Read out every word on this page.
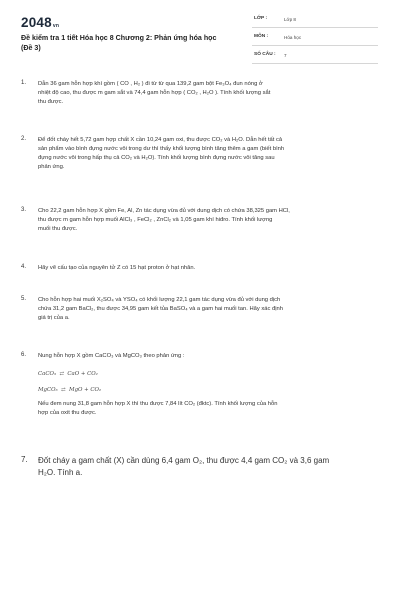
2048vn
Đề kiểm tra 1 tiết Hóa học 8 Chương 2: Phản ứng hóa học
(Đề 3)
LỚP :	Lớp 8
MÔN :	Hóa học
SỐ CÂU : 7
1. Dẫn 36 gam hỗn hợp khí gồm ( CO , H₂ ) đi từ từ qua 139,2 gam bột Fe₃O₄ đun nóng ở
nhiệt độ cao, thu được m gam sắt và 74,4 gam hỗn hợp ( CO₂ , H₂O ). Tính khối lượng sắt
thu được.
2. Để đốt cháy hết 5,72 gam hợp chất X cần 10,24 gam oxi, thu được CO₂ và H₂O. Dẫn hết tất cả
sản phẩm vào bình đựng nước vôi trong dư thì thấy khối lượng bình tăng thêm a gam (biết bình
đựng nước vôi trong hấp thụ cả CO₂ và H₂O). Tính khối lượng bình đựng nước vôi tăng sau
phản ứng.
3. Cho 22,2 gam hỗn hợp X gồm Fe, Al, Zn tác dụng vừa đủ với dung dịch có chứa 38,325 gam HCl,
thu được m gam hỗn hợp muối AlCl₃ , FeCl₂ , ZnCl₂ và 1,05 gam khí hiđro. Tính khối lượng
muối thu được.
4. Hãy vẽ cấu tạo của nguyên tử Z có 15 hạt proton ở hạt nhân.
5. Cho hỗn hợp hai muối X₂SO₄ và YSO₄ có khối lượng 22,1 gam tác dụng vừa đủ với dung dịch
chứa 31,2 gam BaCl₂, thu được 34,95 gam kết tủa BaSO₄ và a gam hai muối tan. Hãy xác định
giá trị của a.
6. Nung hỗn hợp X gồm CaCO₃ và MgCO₃ theo phản ứng :
CaCO₃  ⇄  CaO + CO₂
MgCO₃  ⇄  MgO + CO₂
Nếu đem nung 31,8 gam hỗn hợp X thì thu được 7,84 lít CO₂ (đktc). Tính khối lượng của hỗn
hợp của oxit thu được.
7. Đốt cháy a gam chất (X) cần dùng 6,4 gam O₂, thu được 4,4 gam CO₂ và 3,6 gam
H₂O. Tính a.
